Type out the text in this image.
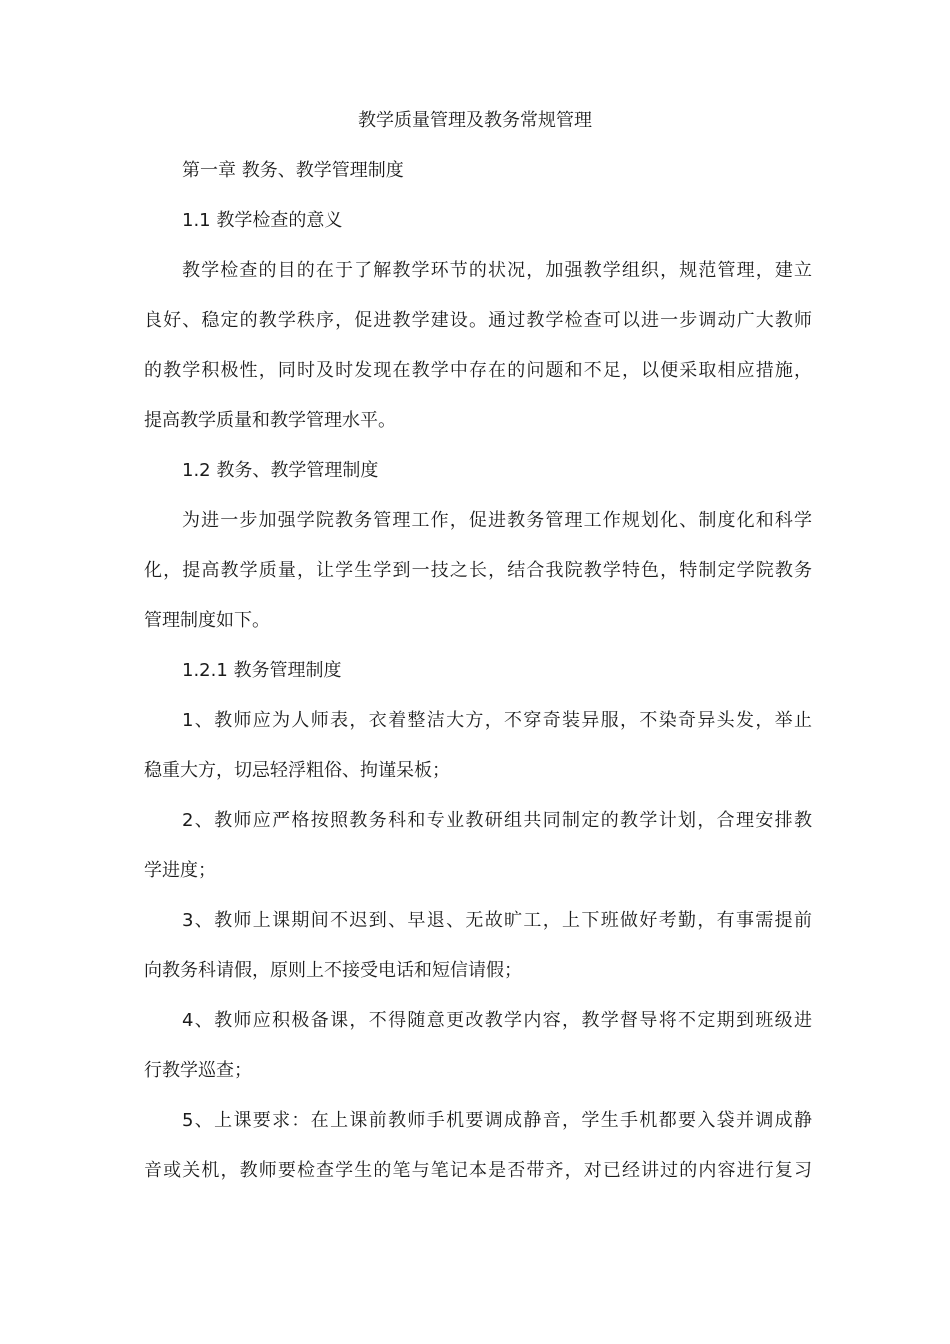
教学质量管理及教务常规管理
第一章 教务、教学管理制度
1.1 教学检查的意义
教学检查的目的在于了解教学环节的状况，加强教学组织，规范管理，建立
良好、稳定的教学秩序，促进教学建设。通过教学检查可以进一步调动广大教师
的教学积极性，同时及时发现在教学中存在的问题和不足，以便采取相应措施，
提高教学质量和教学管理水平。
1.2 教务、教学管理制度
为进一步加强学院教务管理工作，促进教务管理工作规划化、制度化和科学
化，提高教学质量，让学生学到一技之长，结合我院教学特色，特制定学院教务
管理制度如下。
1.2.1 教务管理制度
1、教师应为人师表，衣着整洁大方，不穿奇装异服，不染奇异头发，举止
稳重大方，切忌轻浮粗俗、拘谨呆板；
2、教师应严格按照教务科和专业教研组共同制定的教学计划，合理安排教
学进度；
3、教师上课期间不迟到、早退、无故旷工，上下班做好考勤，有事需提前
向教务科请假，原则上不接受电话和短信请假；
4、教师应积极备课，不得随意更改教学内容，教学督导将不定期到班级进
行教学巡查；
5、上课要求：在上课前教师手机要调成静音，学生手机都要入袋并调成静
音或关机，教师要检查学生的笔与笔记本是否带齐，对已经讲过的内容进行复习
